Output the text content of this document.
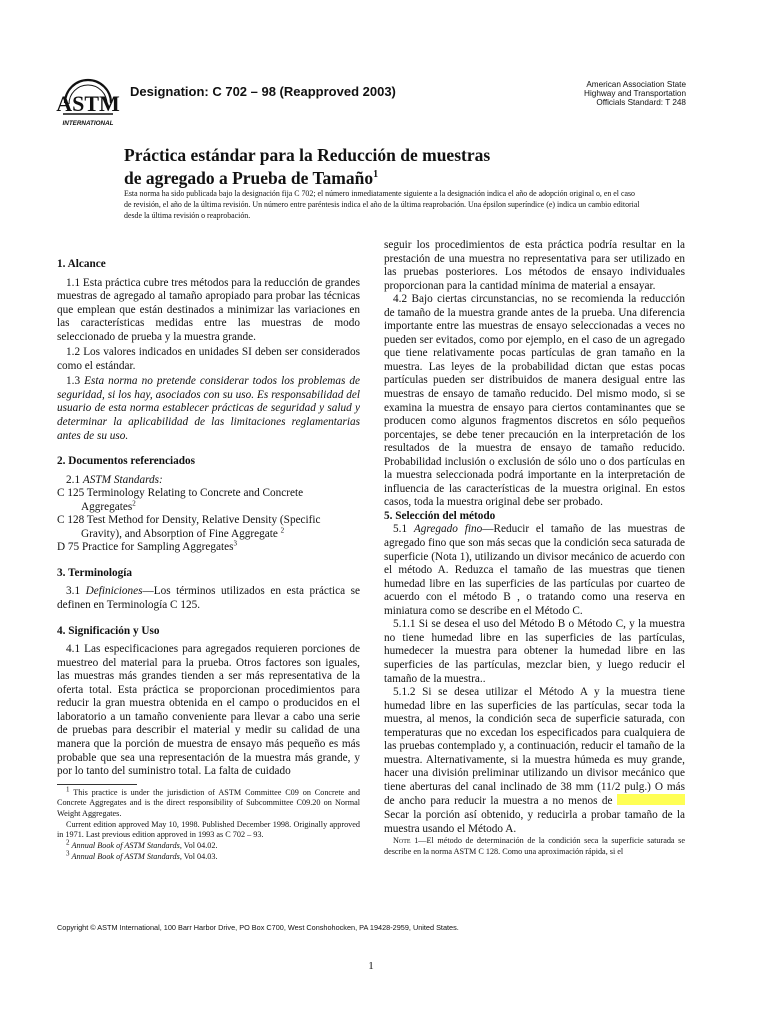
ASTM
INTERNATIONAL
Designation: C 702 – 98 (Reapproved 2003)	American Association State
Highway and Transportation
Officials Standard: T 248
Práctica estándar para la Reducción de muestras
de agregado a Prueba de Tamaño$^1$
Esta norma ha sido publicada bajo la designación fija C 702; el número inmediatamente siguiente a la designación indica el año de adopción original o, en el caso de revisión, el año de la última revisión. Un número entre paréntesis indica el año de la última reaprobación. Una épsilon superíndice (e) indica un cambio editorial desde la última revisión o reaprobación.
1. Alcance

1.1 Esta práctica cubre tres métodos para la reducción de grandes muestras de agregado al tamaño apropiado para probar las técnicas que emplean que están destinados a minimizar las variaciones en las características medidas entre las muestras de modo seleccionado de prueba y la muestra grande.

1.2 Los valores indicados en unidades SI deben ser considerados como el estándar.

1.3 Esta norma no pretende considerar todos los problemas de seguridad, si los hay, asociados con su uso. Es responsabilidad del usuario de esta norma establecer prácticas de seguridad y salud y determinar la aplicabilidad de las limitaciones reglamentarias antes de su uso.

2. Documentos referenciados

2.1 ASTM Standards:

C 125 Terminology Relating to Concrete and Concrete
Aggregates$^2$

C 128 Test Method for Density, Relative Density (Specific
Gravity), and Absorption of Fine Aggregate $^2$

D 75 Practice for Sampling Aggregates$^3$

3. Terminología

3.1 Definiciones—Los términos utilizados en esta práctica se definen en Terminología C 125.

4. Significación y Uso

4.1 Las especificaciones para agregados requieren porciones de muestreo del material para la prueba. Otros factores son iguales, las muestras más grandes tienden a ser más representativa de la oferta total. Esta práctica se proporcionan procedimientos para reducir la gran muestra obtenida en el campo o producidos en el laboratorio a un tamaño conveniente para llevar a cabo una serie de pruebas para describir el material y medir su calidad de una manera que la porción de muestra de ensayo más pequeño es más probable que sea una representación de la muestra más grande, y por lo tanto del suministro total. La falta de cuidado

$^1$ This practice is under the jurisdiction of ASTM Committee C09 on Concrete and Concrete Aggregates and is the direct responsibility of Subcommittee C09.20 on Normal Weight Aggregates.

Current edition approved May 10, 1998. Published December 1998. Originally approved in 1971. Last previous edition approved in 1993 as C 702 – 93.

$^2$ Annual Book of ASTM Standards, Vol 04.02.

$^3$ Annual Book of ASTM Standards, Vol 04.03.

seguir los procedimientos de esta práctica podría resultar en la prestación de una muestra no representativa para ser utilizado en las pruebas posteriores. Los métodos de ensayo individuales proporcionan para la cantidad mínima de material a ensayar.

4.2 Bajo ciertas circunstancias, no se recomienda la reducción de tamaño de la muestra grande antes de la prueba. Una diferencia importante entre las muestras de ensayo seleccionadas a veces no pueden ser evitados, como por ejemplo, en el caso de un agregado que tiene relativamente pocas partículas de gran tamaño en la muestra. Las leyes de la probabilidad dictan que estas pocas partículas pueden ser distribuidos de manera desigual entre las muestras de ensayo de tamaño reducido. Del mismo modo, si se examina la muestra de ensayo para ciertos contaminantes que se producen como algunos fragmentos discretos en sólo pequeños porcentajes, se debe tener precaución en la interpretación de los resultados de la muestra de ensayo de tamaño reducido. Probabilidad inclusión o exclusión de sólo uno o dos partículas en la muestra seleccionada podrá importante en la interpretación de influencia de las características de la muestra original. En estos casos, toda la muestra original debe ser probado.

5. Selección del método

5.1 Agregado fino—Reducir el tamaño de las muestras de agregado fino que son más secas que la condición seca saturada de superficie (Nota 1), utilizando un divisor mecánico de acuerdo con el método A. Reduzca el tamaño de las muestras que tienen humedad libre en las superficies de las partículas por cuarteo de acuerdo con el método B , o tratando como una reserva en miniatura como se describe en el Método C.

5.1.1 Si se desea el uso del Método B o Método C, y la muestra no tiene humedad libre en las superficies de las partículas, humedecer la muestra para obtener la humedad libre en las superficies de las partículas, mezclar bien, y luego reducir el tamaño de la muestra..

5.1.2 Si se desea utilizar el Método A y la muestra tiene humedad libre en las superficies de las partículas, secar toda la muestra, al menos, la condición seca de superficie saturada, con temperaturas que no excedan los especificados para cualquiera de las pruebas contemplado y, a continuación, reducir el tamaño de la muestra. Alternativamente, si la muestra húmeda es muy grande, hacer una división preliminar utilizando un divisor mecánico que tiene aberturas del canal inclinado de 38 mm (11/2 pulg.) O más de ancho para reducir la muestra a no menos de  Secar la porción así obtenido, y reducirla a probar tamaño de la muestra usando el Método A.

Note 1—El método de determinación de la condición seca la superficie saturada se describe en la norma ASTM C 128. Como una aproximación rápida, si el

Copyright © ASTM International, 100 Barr Harbor Drive, PO Box C700, West Conshohocken, PA 19428-2959, United States.
1
